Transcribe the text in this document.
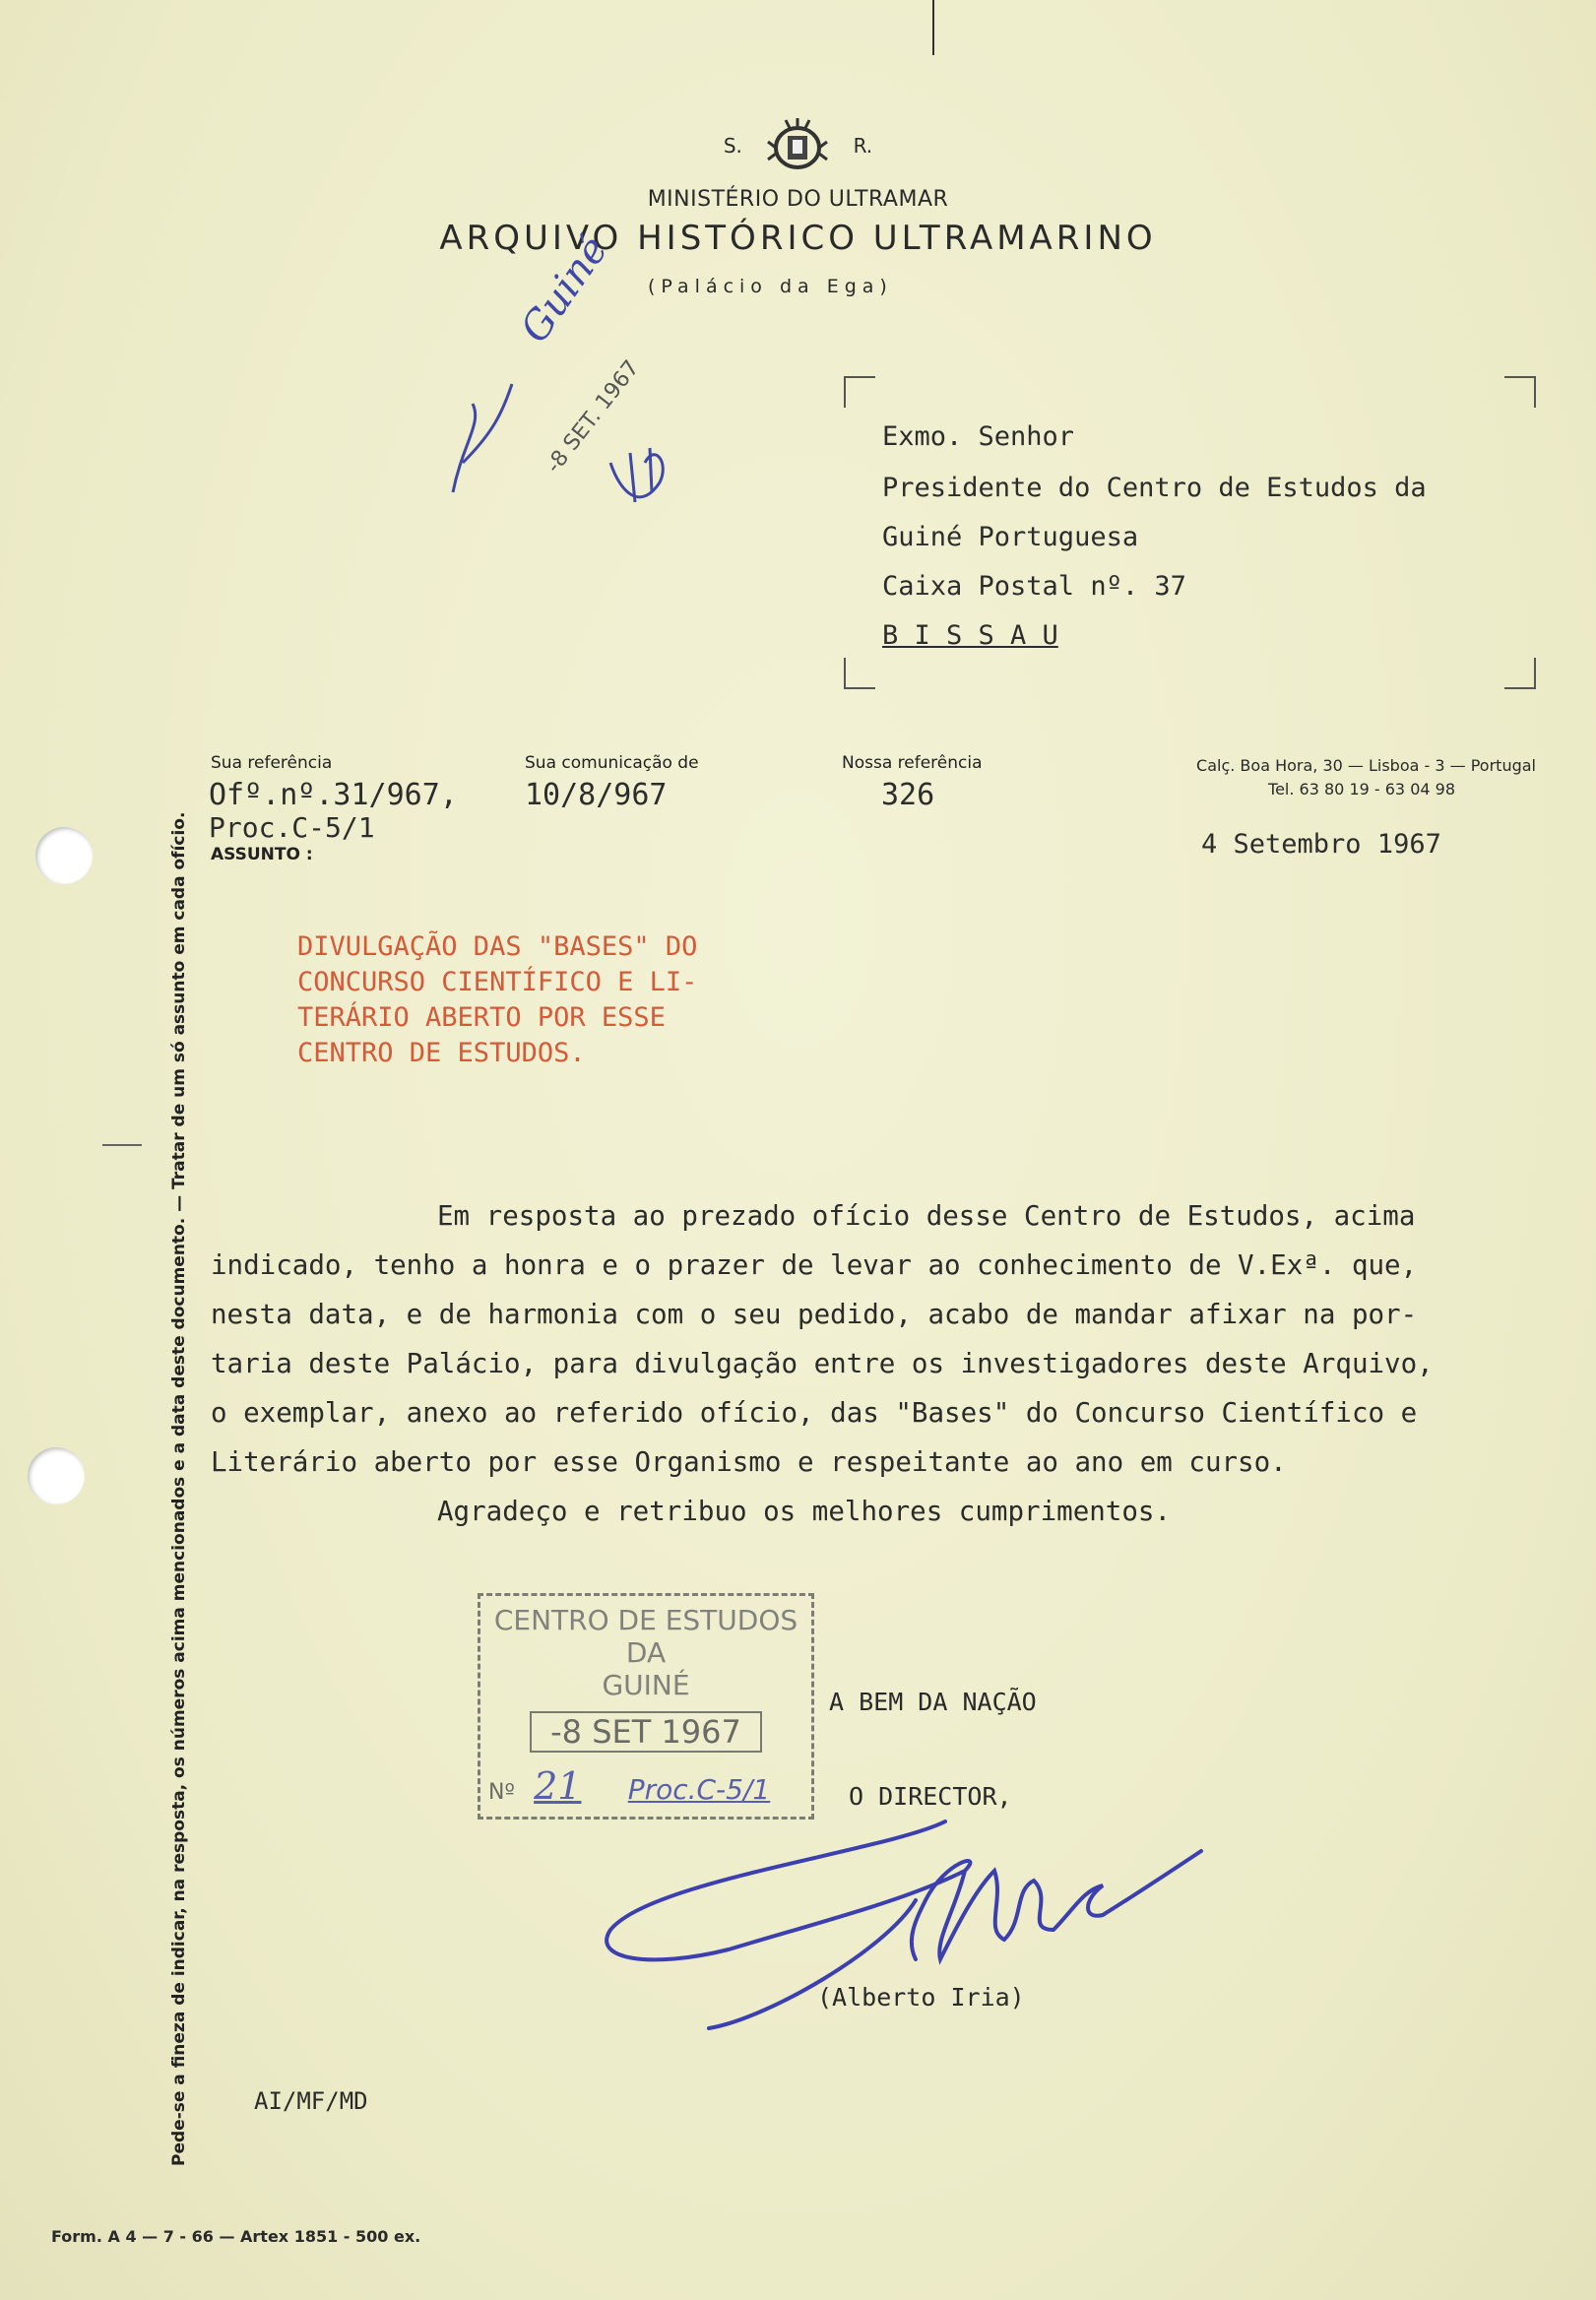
S.	R.
MINISTÉRIO DO ULTRAMAR
ARQUIVO HISTÓRICO ULTRAMARINO
(Palácio da Ega)
Guiné
-8 SET. 1967	Exmo. Senhor
Presidente do Centro de Estudos da
Guiné Portuguesa
Caixa Postal nº. 37
B I S S A U
Sua referência
Ofº.nº.31/967,
Proc.C-5/1
ASSUNTO :
Sua comunicação de
10/8/967
Nossa referência
326
Calç. Boa Hora, 30 — Lisboa - 3 — Portugal
Tel. 63 80 19 - 63 04 98
4 Setembro 1967
DIVULGAÇÃO DAS "BASES" DO
CONCURSO CIENTÍFICO E LI-
TERÁRIO ABERTO POR ESSE
CENTRO DE ESTUDOS.
Pede-se a fineza de indicar, na resposta, os números acima mencionados e a data deste documento. — Tratar de um só assunto em cada ofício.	Em resposta ao prezado ofício desse Centro de Estudos, acima

indicado, tenho a honra e o prazer de levar ao conhecimento de V.Exª. que,

nesta data, e de harmonia com o seu pedido, acabo de mandar afixar na por-

taria deste Palácio, para divulgação entre os investigadores deste Arquivo,

o exemplar, anexo ao referido ofício, das "Bases" do Concurso Científico e

Literário aberto por esse Organismo e respeitante ao ano em curso.

Agradeço e retribuo os melhores cumprimentos.

CENTRO DE ESTUDOS DA
GUINÉ
-8 SET 1967
Nº 21 Proc.C-5/1
A BEM DA NAÇÃO
O DIRECTOR,
(Alberto Iria)
AI/MF/MD
Form. A 4 — 7 - 66 — Artex 1851 - 500 ex.
